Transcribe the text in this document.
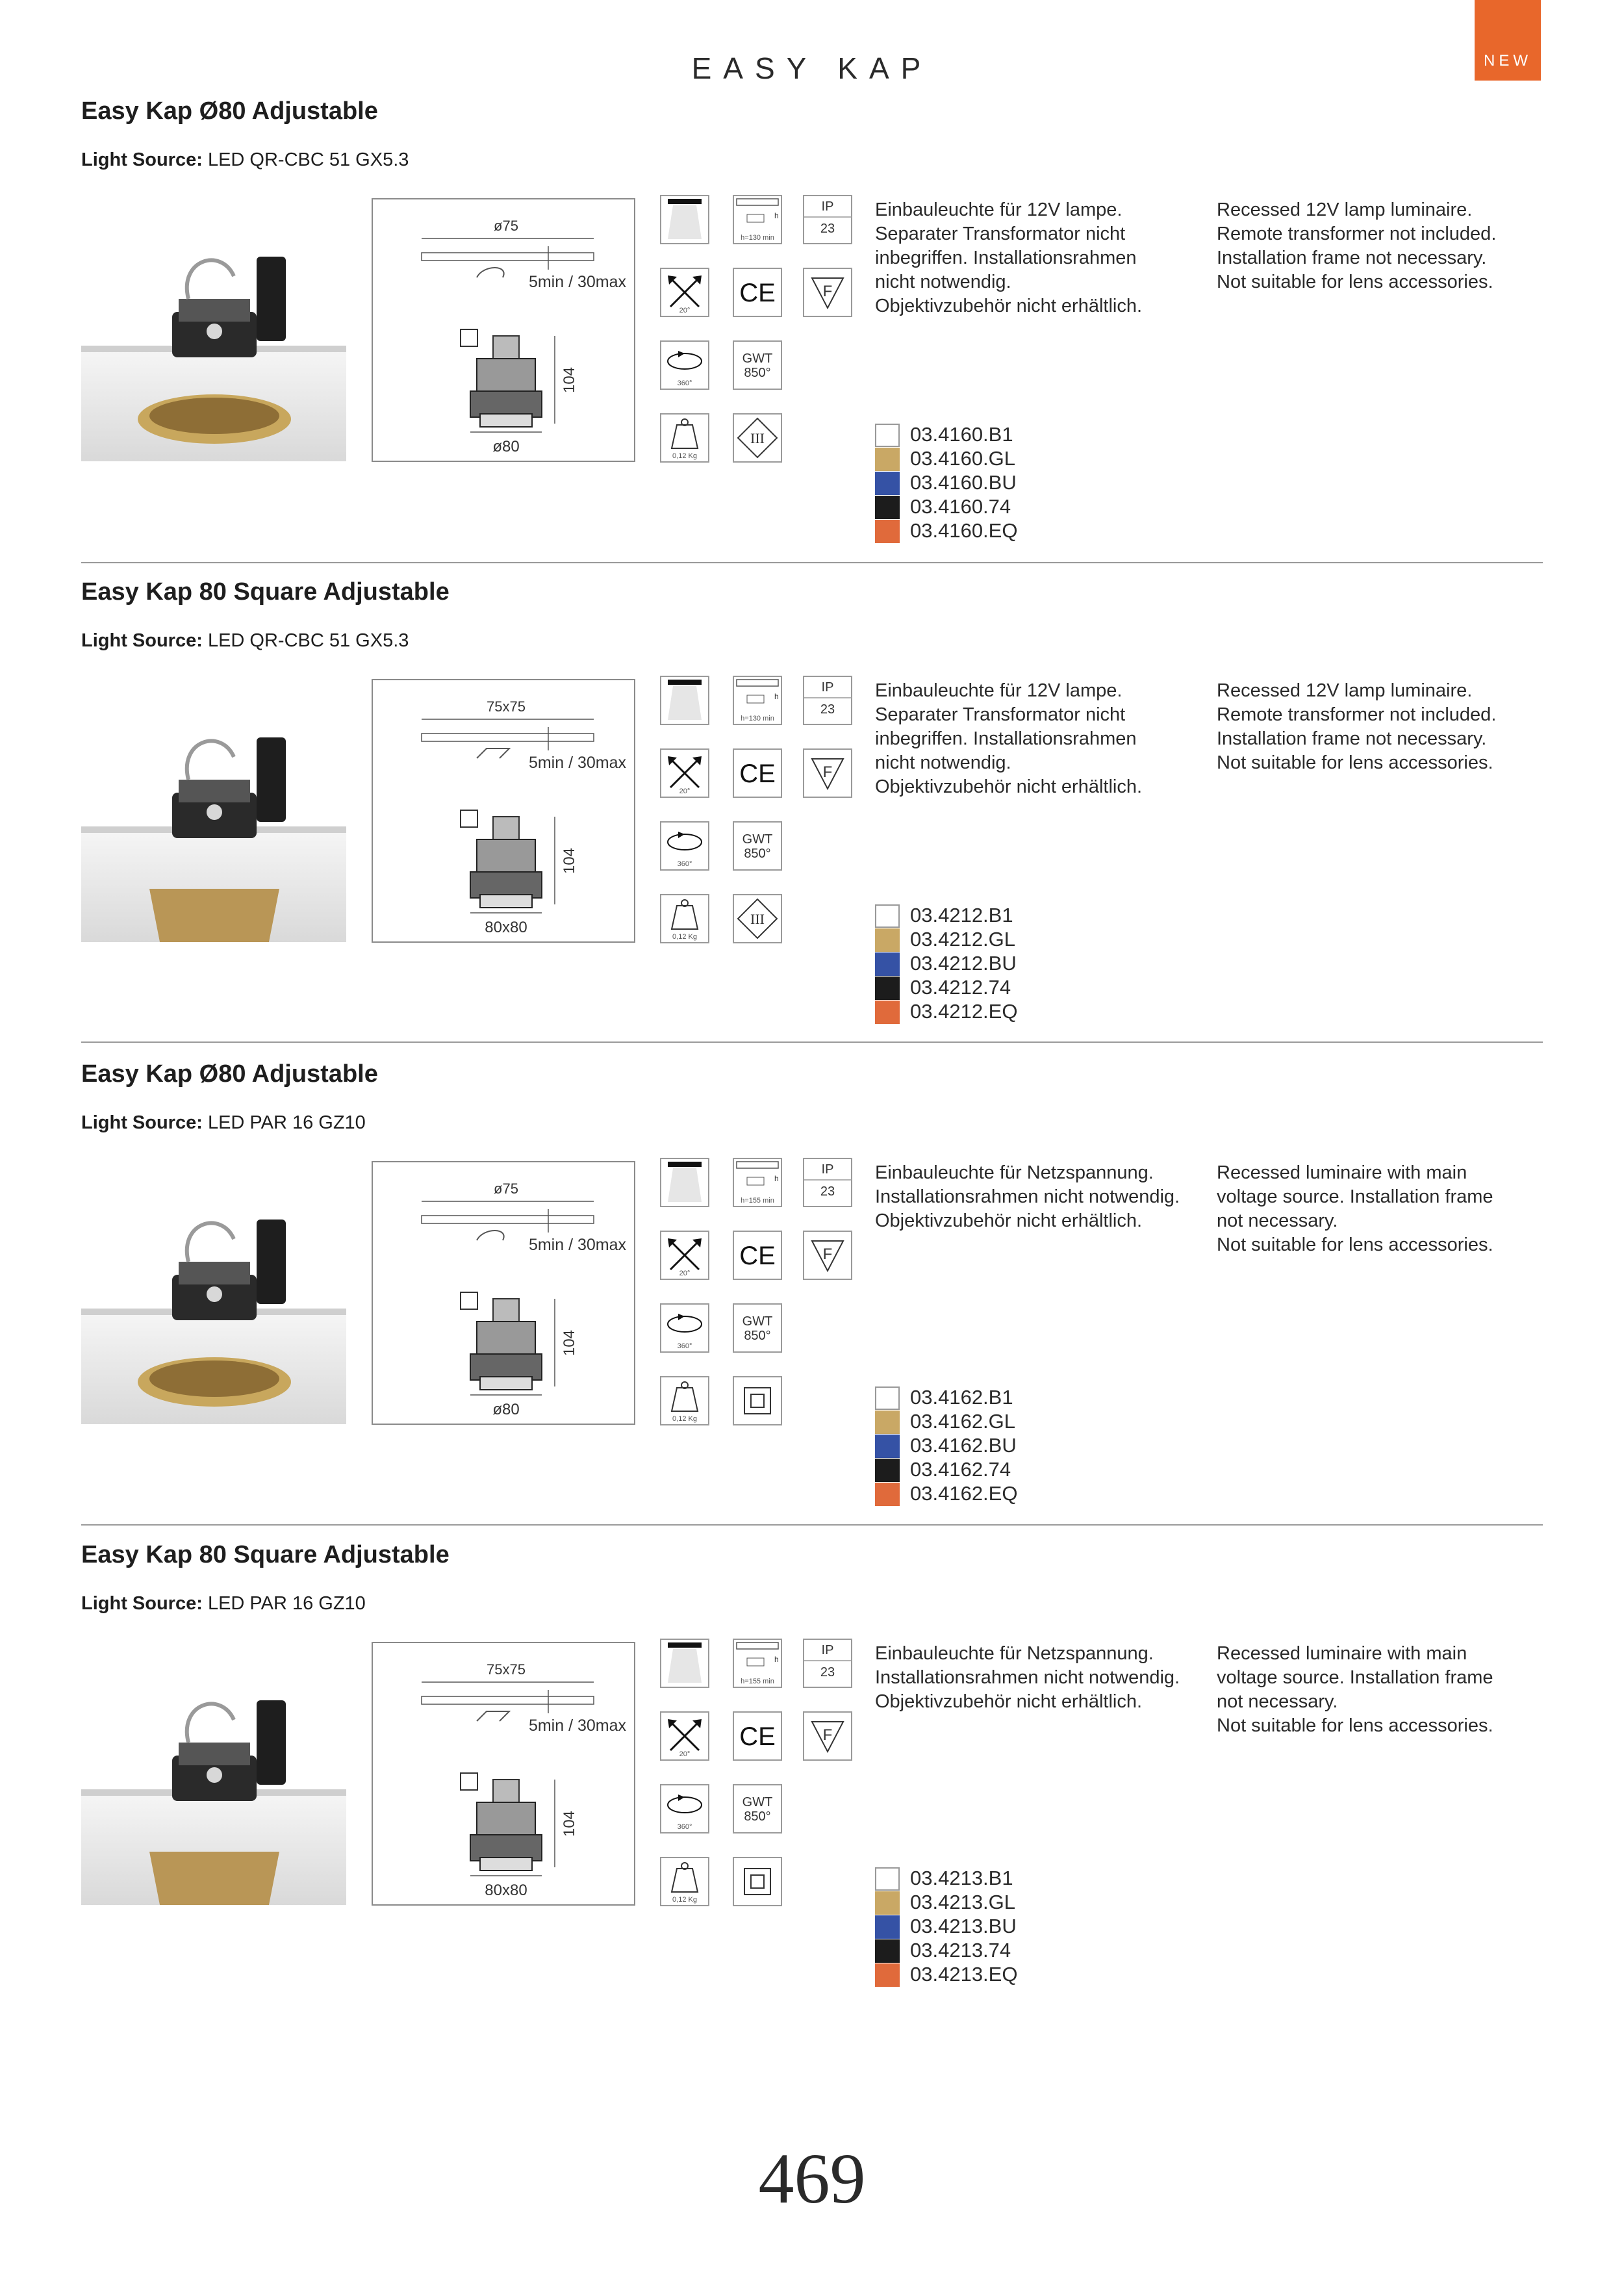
EASY KAP	NEW
Easy Kap Ø80 Adjustable
Light Source: LED QR-CBC 51 GX5.3
ø75
5min / 30max
104
ø80
h
h=130 min
IP
23
20°
CE	F
360°
GWT
850°
0,12 Kg
III
Einbauleuchte für 12V lampe.
Separater Transformator nicht
inbegriffen. Installationsrahmen
nicht notwendig.
Objektivzubehör nicht erhältlich.
Recessed 12V lamp luminaire.
Remote transformer not included.
Installation frame not necessary.
Not suitable for lens accessories.
03.4160.B1
03.4160.GL
03.4160.BU
03.4160.74
03.4160.EQ
Easy Kap 80 Square Adjustable
Light Source: LED QR-CBC 51 GX5.3
75x75
5min / 30max
104
80x80
h
h=130 min
IP
23
20°
CE	F
360°
GWT
850°
0,12 Kg
III
Einbauleuchte für 12V lampe.
Separater Transformator nicht
inbegriffen. Installationsrahmen
nicht notwendig.
Objektivzubehör nicht erhältlich.
Recessed 12V lamp luminaire.
Remote transformer not included.
Installation frame not necessary.
Not suitable for lens accessories.
03.4212.B1
03.4212.GL
03.4212.BU
03.4212.74
03.4212.EQ
Easy Kap Ø80 Adjustable
Light Source: LED PAR 16 GZ10
ø75
5min / 30max
104
ø80
h
h=155 min
IP
23
20°
CE	F
360°
GWT
850°
0,12 Kg
Einbauleuchte für Netzspannung.
Installationsrahmen nicht notwendig.
Objektivzubehör nicht erhältlich.
Recessed luminaire with main
voltage source. Installation frame
not necessary.
Not suitable for lens accessories.
03.4162.B1
03.4162.GL
03.4162.BU
03.4162.74
03.4162.EQ
Easy Kap 80 Square Adjustable
Light Source: LED PAR 16 GZ10
75x75
5min / 30max
104
80x80
h
h=155 min
IP
23
20°
CE	F
360°
GWT
850°
0,12 Kg
Einbauleuchte für Netzspannung.
Installationsrahmen nicht notwendig.
Objektivzubehör nicht erhältlich.
Recessed luminaire with main
voltage source. Installation frame
not necessary.
Not suitable for lens accessories.
03.4213.B1
03.4213.GL
03.4213.BU
03.4213.74
03.4213.EQ
469
